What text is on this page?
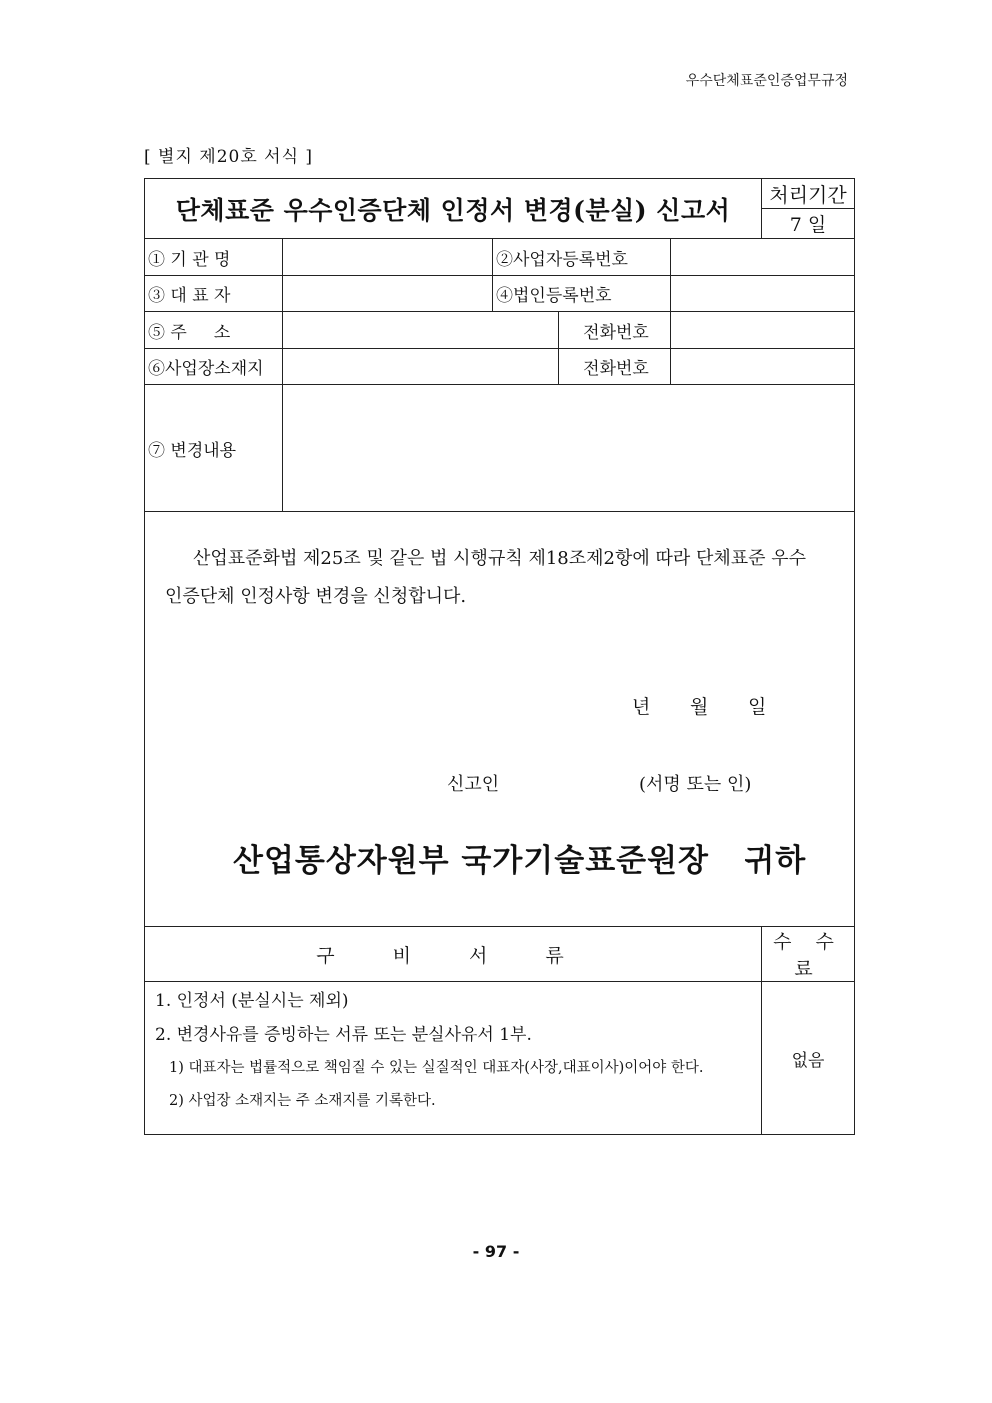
우수단체표준인증업무규정
[ 별지 제20호 서식 ]
단체표준 우수인증단체 인정서 변경(분실) 신고서					처리기간
					7 일
① 기 관 명		②사업자등록번호			
③ 대 표 자		④법인등록번호			
⑤ 주     소			전화번호		
⑥사업장소재지			전화번호		
⑦ 변경내용					

산업표준화법 제25조 및 같은 법 시행규칙 제18조제2항에 따라 단체표준 우수인증단체 인정사항 변경을 신청합니다.
년 월 일
신고인 (서명 또는 인)
산업통상자원부 국가기술표준원장   귀하					

구 비 서 류					수 수 료

1. 인정서 (분실시는 제외)
2. 변경사유를 증빙하는 서류 또는 분실사유서 1부.
1) 대표자는 법률적으로 책임질 수 있는 실질적인 대표자(사장,대표이사)이어야 한다.
2) 사업장 소재지는 주 소재지를 기록한다.					없음
- 97 -
